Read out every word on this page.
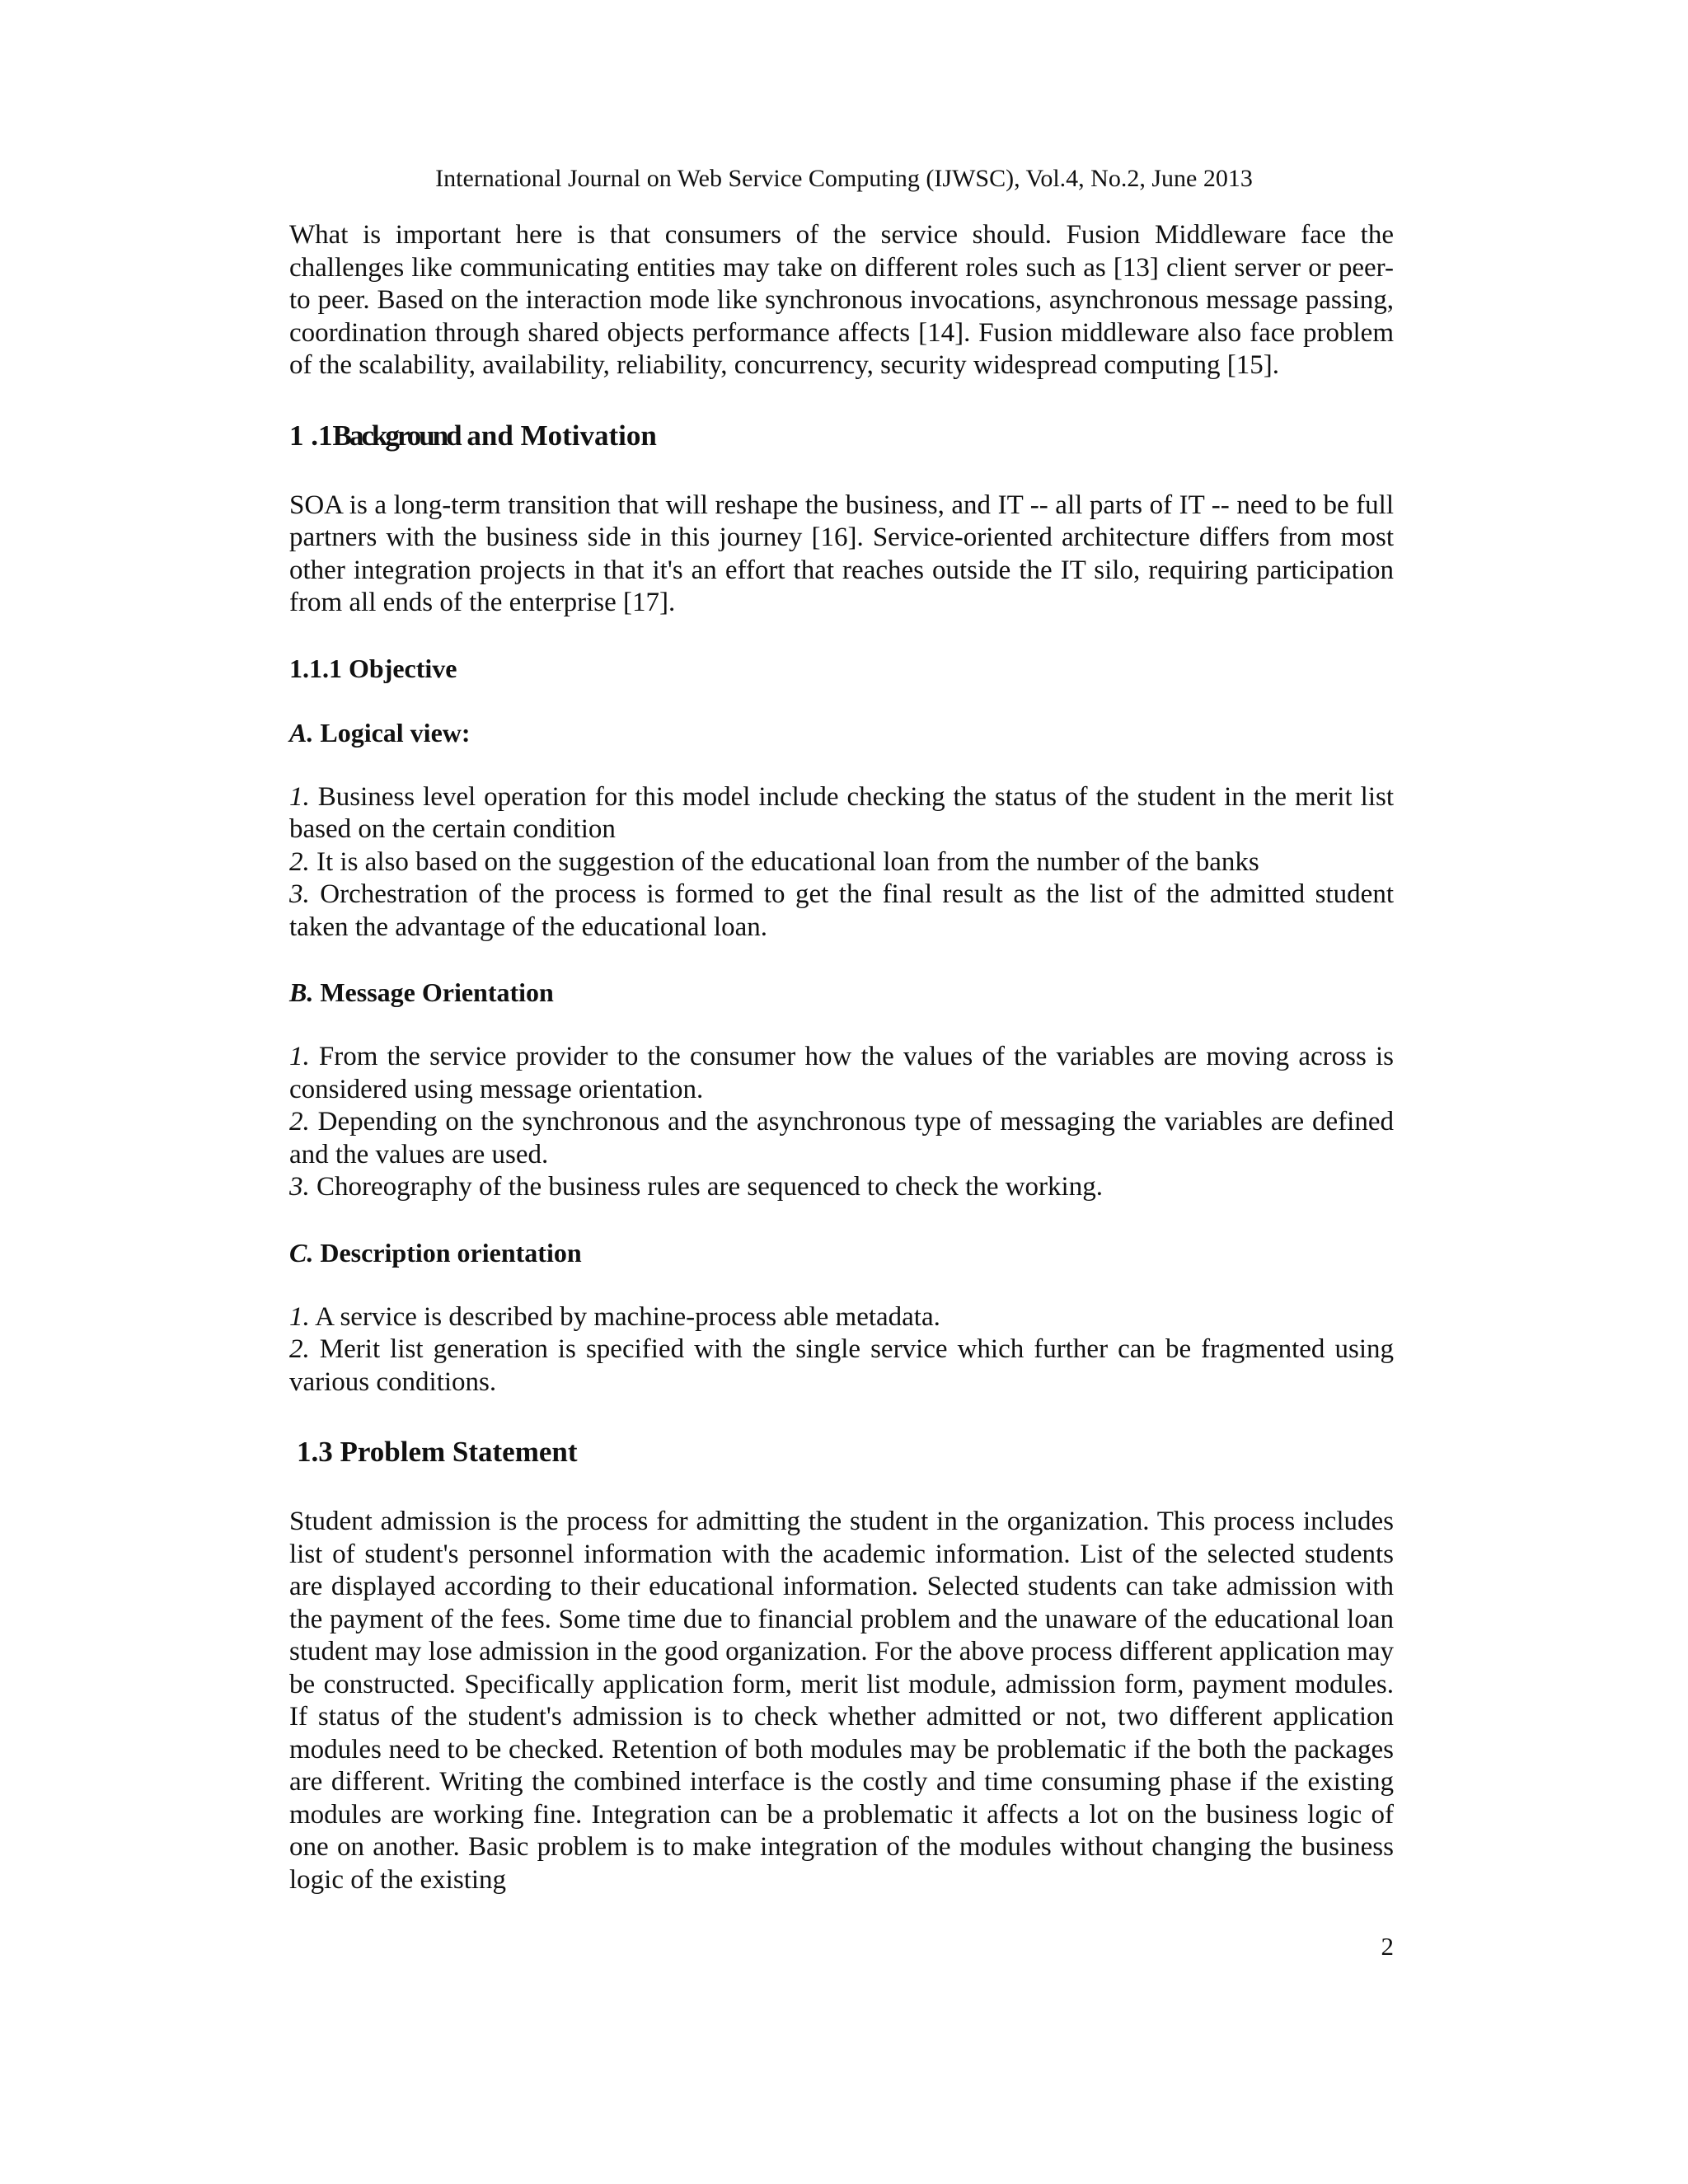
International Journal on Web Service Computing (IJWSC), Vol.4, No.2, June 2013

What is important here is that consumers of the service should. Fusion Middleware face the challenges like communicating entities may take on different roles such as [13] client server or peer-to peer. Based on the interaction mode like synchronous invocations, asynchronous message passing, coordination through shared objects performance affects [14]. Fusion middleware also face problem of the scalability, availability, reliability, concurrency, security widespread computing [15].

1 .1Background and Motivation

SOA is a long-term transition that will reshape the business, and IT -- all parts of IT -- need to be full partners with the business side in this journey [16]. Service-oriented architecture differs from most other integration projects in that it's an effort that reaches outside the IT silo, requiring participation from all ends of the enterprise [17].

1.1.1 Objective
A. Logical view:

1. Business level operation for this model include checking the status of the student in the merit list based on the certain condition

2. It is also based on the suggestion of the educational loan from the number of the banks

3. Orchestration of the process is formed to get the final result as the list of the admitted student taken the advantage of the educational loan.

B. Message Orientation

1. From the service provider to the consumer how the values of the variables are moving across is considered using message orientation.

2. Depending on the synchronous and the asynchronous type of messaging the variables are defined and the values are used.

3. Choreography of the business rules are sequenced to check the working.

C. Description orientation

1. A service is described by machine-process able metadata.

2. Merit list generation is specified with the single service which further can be fragmented using various conditions.

1.3 Problem Statement

Student admission is the process for admitting the student in the organization. This process includes list of student's personnel information with the academic information. List of the selected students are displayed according to their educational information. Selected students can take admission with the payment of the fees. Some time due to financial problem and the unaware of the educational loan student may lose admission in the good organization. For the above process different application may be constructed. Specifically application form, merit list module, admission form, payment modules. If status of the student's admission is to check whether admitted or not, two different application modules need to be checked. Retention of both modules may be problematic if the both the packages are different. Writing the combined interface is the costly and time consuming phase if the existing modules are working fine. Integration can be a problematic it affects a lot on the business logic of one on another. Basic problem is to make integration of the modules without changing the business logic of the existing

2
